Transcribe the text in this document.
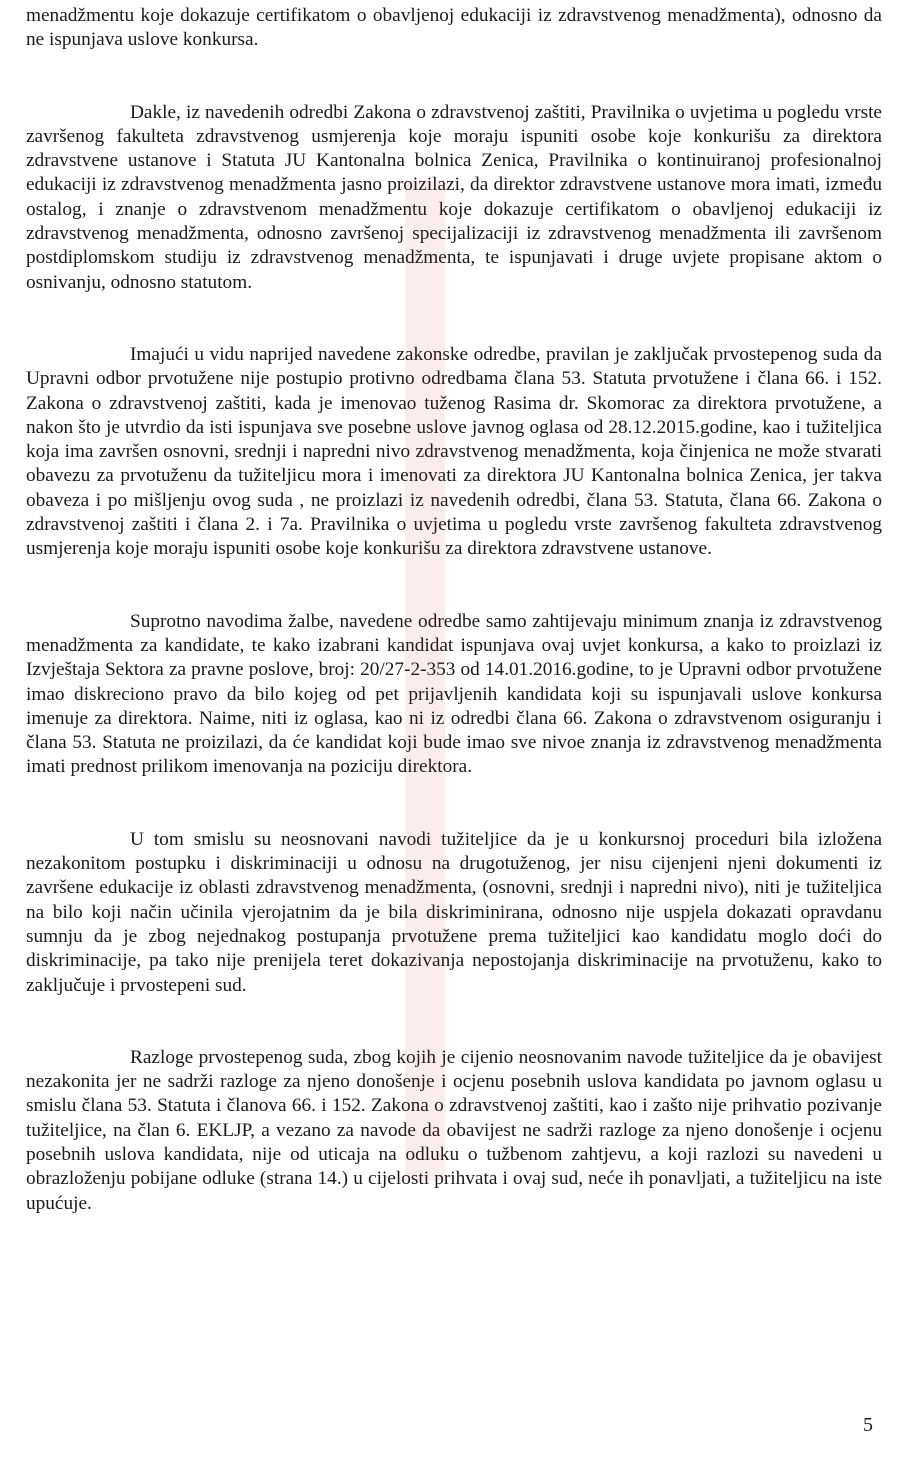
menadžmentu koje dokazuje certifikatom o obavljenoj edukaciji iz zdravstvenog menadžmenta), odnosno da ne ispunjava uslove konkursa.

Dakle, iz navedenih odredbi Zakona o zdravstvenoj zaštiti, Pravilnika o uvjetima u pogledu vrste završenog fakulteta zdravstvenog usmjerenja koje moraju ispuniti osobe koje konkurišu za direktora zdravstvene ustanove i Statuta JU Kantonalna bolnica Zenica, Pravilnika o kontinuiranoj profesionalnoj edukaciji iz zdravstvenog menadžmenta jasno proizilazi, da direktor zdravstvene ustanove mora imati, između ostalog, i znanje o zdravstvenom menadžmentu koje dokazuje certifikatom o obavljenoj edukaciji iz zdravstvenog menadžmenta, odnosno završenoj specijalizaciji iz zdravstvenog menadžmenta ili završenom postdiplomskom studiju iz zdravstvenog menadžmenta, te ispunjavati i druge uvjete propisane aktom o osnivanju, odnosno statutom.

Imajući u vidu naprijed navedene zakonske odredbe, pravilan je zaključak prvostepenog suda da Upravni odbor prvotužene nije postupio protivno odredbama člana 53. Statuta prvotužene i člana 66. i 152. Zakona o zdravstvenoj zaštiti, kada je imenovao tuženog Rasima dr. Skomorac za direktora prvotužene, a nakon što je utvrdio da isti ispunjava sve posebne uslove javnog oglasa od 28.12.2015.godine, kao i tužiteljica koja ima završen osnovni, srednji i napredni nivo zdravstvenog menadžmenta, koja činjenica ne može stvarati obavezu za prvotuženu da tužiteljicu mora i imenovati za direktora JU Kantonalna bolnica Zenica, jer takva obaveza i po mišljenju ovog suda , ne proizlazi iz navedenih odredbi, člana 53. Statuta, člana 66. Zakona o zdravstvenoj zaštiti i člana 2. i 7a. Pravilnika o uvjetima u pogledu vrste završenog fakulteta zdravstvenog usmjerenja koje moraju ispuniti osobe koje konkurišu za direktora zdravstvene ustanove.

Suprotno navodima žalbe, navedene odredbe samo zahtijevaju minimum znanja iz zdravstvenog menadžmenta za kandidate, te kako izabrani kandidat ispunjava ovaj uvjet konkursa, a kako to proizlazi iz Izvještaja Sektora za pravne poslove, broj: 20/27-2-353 od 14.01.2016.godine, to je Upravni odbor prvotužene imao diskreciono pravo da bilo kojeg od pet prijavljenih kandidata koji su ispunjavali uslove konkursa imenuje za direktora. Naime, niti iz oglasa, kao ni iz odredbi člana 66. Zakona o zdravstvenom osiguranju i člana 53. Statuta ne proizilazi, da će kandidat koji bude imao sve nivoe znanja iz zdravstvenog menadžmenta imati prednost prilikom imenovanja na poziciju direktora.

U tom smislu su neosnovani navodi tužiteljice da je u konkursnoj proceduri bila izložena nezakonitom postupku i diskriminaciji u odnosu na drugotuženog, jer nisu cijenjeni njeni dokumenti iz završene edukacije iz oblasti zdravstvenog menadžmenta, (osnovni, srednji i napredni nivo), niti je tužiteljica na bilo koji način učinila vjerojatnim da je bila diskriminirana, odnosno nije uspjela dokazati opravdanu sumnju da je zbog nejednakog postupanja prvotužene prema tužiteljici kao kandidatu moglo doći do diskriminacije, pa tako nije prenijela teret dokazivanja nepostojanja diskriminacije na prvotuženu, kako to zaključuje i prvostepeni sud.

Razloge prvostepenog suda, zbog kojih je cijenio neosnovanim navode tužiteljice da je obavijest nezakonita jer ne sadrži razloge za njeno donošenje i ocjenu posebnih uslova kandidata po javnom oglasu u smislu člana 53. Statuta i članova 66. i 152. Zakona o zdravstvenoj zaštiti, kao i zašto nije prihvatio pozivanje tužiteljice, na član 6. EKLJP, a vezano za navode da obavijest ne sadrži razloge za njeno donošenje i ocjenu posebnih uslova kandidata, nije od uticaja na odluku o tužbenom zahtjevu, a koji razlozi su navedeni u obrazloženju pobijane odluke (strana 14.) u cijelosti prihvata i ovaj sud, neće ih ponavljati, a tužiteljicu na iste upućuje.

5
